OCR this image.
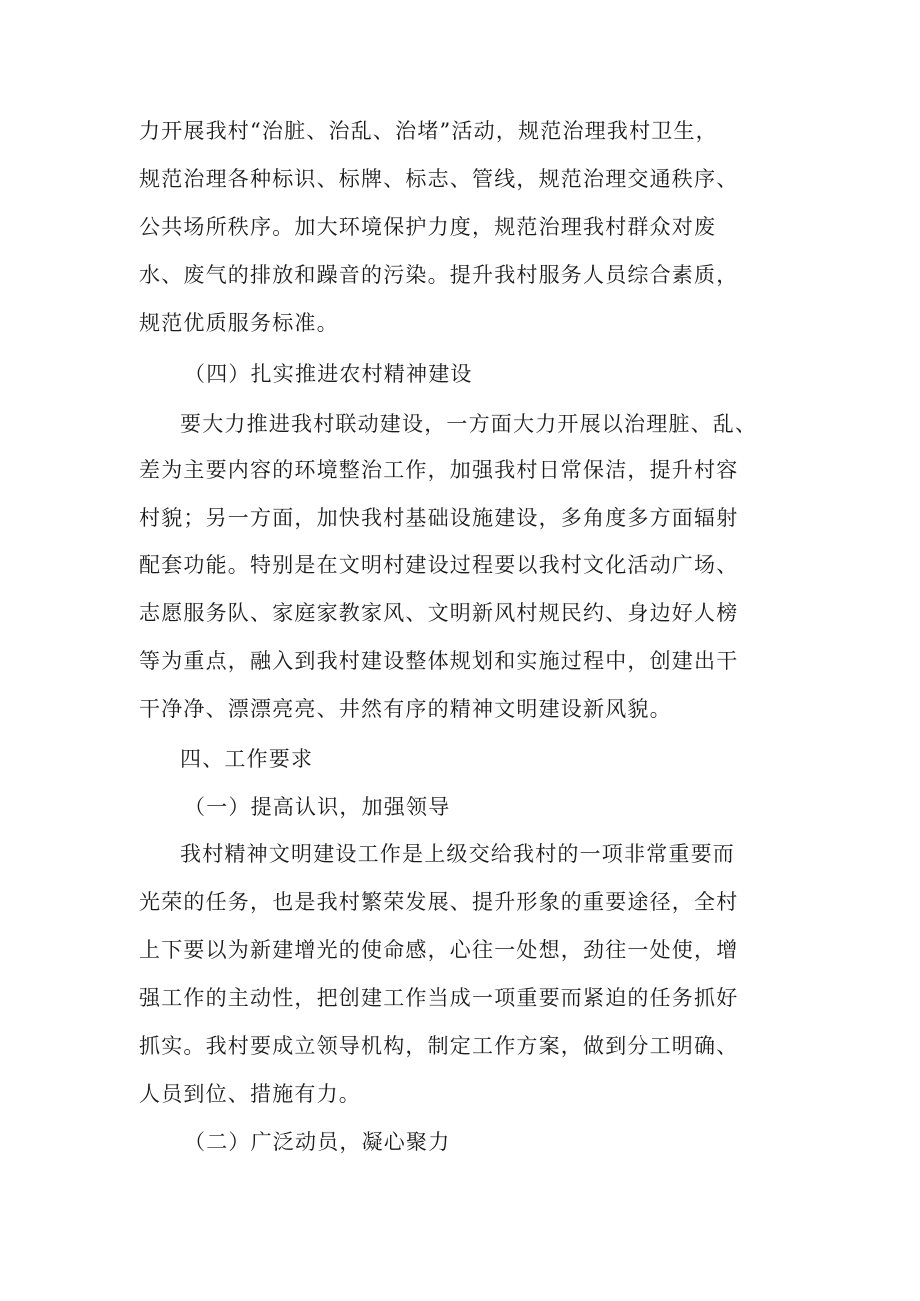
力开展我村“治脏、治乱、治堵”活动，规范治理我村卫生，
规范治理各种标识、标牌、标志、管线，规范治理交通秩序、
公共场所秩序。加大环境保护力度，规范治理我村群众对废
水、废气的排放和躁音的污染。提升我村服务人员综合素质，
规范优质服务标准。
（四）扎实推进农村精神建设
要大力推进我村联动建设，一方面大力开展以治理脏、乱、
差为主要内容的环境整治工作，加强我村日常保洁，提升村容
村貌；另一方面，加快我村基础设施建设，多角度多方面辐射
配套功能。特别是在文明村建设过程要以我村文化活动广场、
志愿服务队、家庭家教家风、文明新风村规民约、身边好人榜
等为重点，融入到我村建设整体规划和实施过程中，创建出干
干净净、漂漂亮亮、井然有序的精神文明建设新风貌。
四、工作要求
（一）提高认识，加强领导
我村精神文明建设工作是上级交给我村的一项非常重要而
光荣的任务，也是我村繁荣发展、提升形象的重要途径，全村
上下要以为新建增光的使命感，心往一处想，劲往一处使，增
强工作的主动性，把创建工作当成一项重要而紧迫的任务抓好
抓实。我村要成立领导机构，制定工作方案，做到分工明确、
人员到位、措施有力。
（二）广泛动员，凝心聚力
